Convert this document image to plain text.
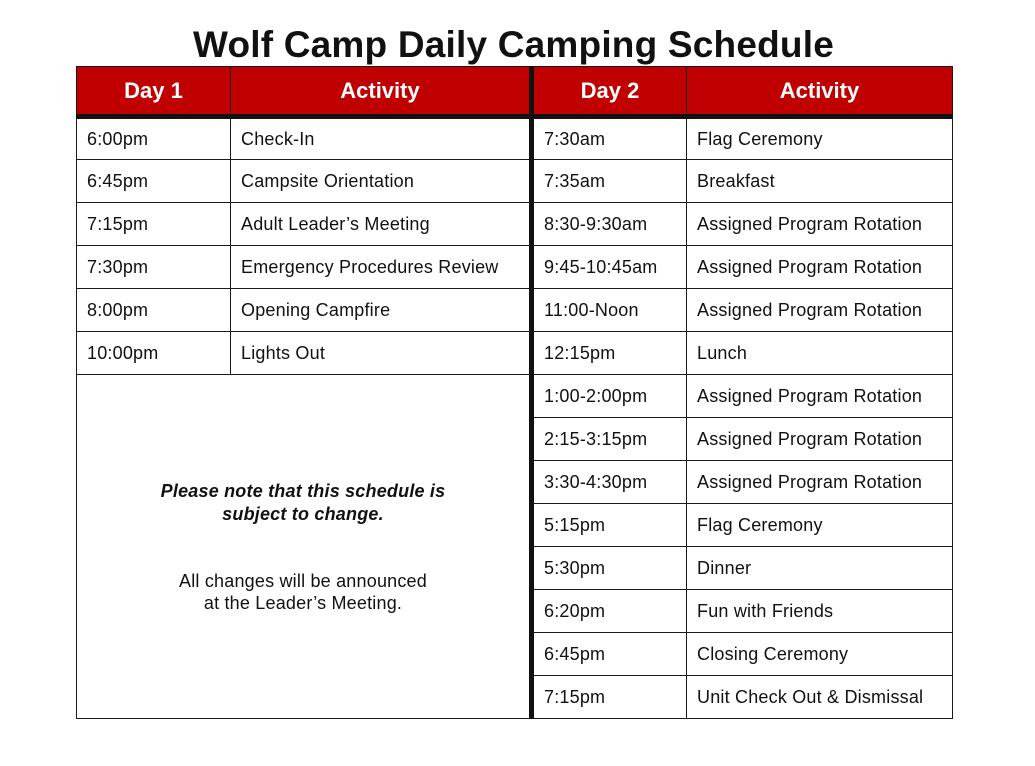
Wolf Camp Daily Camping Schedule
Day 1	Activity	Day 2	Activity
6:00pm	Check-In	7:30am	Flag Ceremony
6:45pm	Campsite Orientation	7:35am	Breakfast
7:15pm	Adult Leader’s Meeting	8:30-9:30am	Assigned Program Rotation
7:30pm	Emergency Procedures Review	9:45-10:45am	Assigned Program Rotation
8:00pm	Opening Campfire	11:00-Noon	Assigned Program Rotation
10:00pm	Lights Out	12:15pm	Lunch

Please note that this schedule is
subject to change.
All changes will be announced
at the Leader’s Meeting.		1:00-2:00pm	Assigned Program Rotation
		2:15-3:15pm	Assigned Program Rotation
		3:30-4:30pm	Assigned Program Rotation
		5:15pm	Flag Ceremony
		5:30pm	Dinner
		6:20pm	Fun with Friends
		6:45pm	Closing Ceremony
		7:15pm	Unit Check Out & Dismissal
